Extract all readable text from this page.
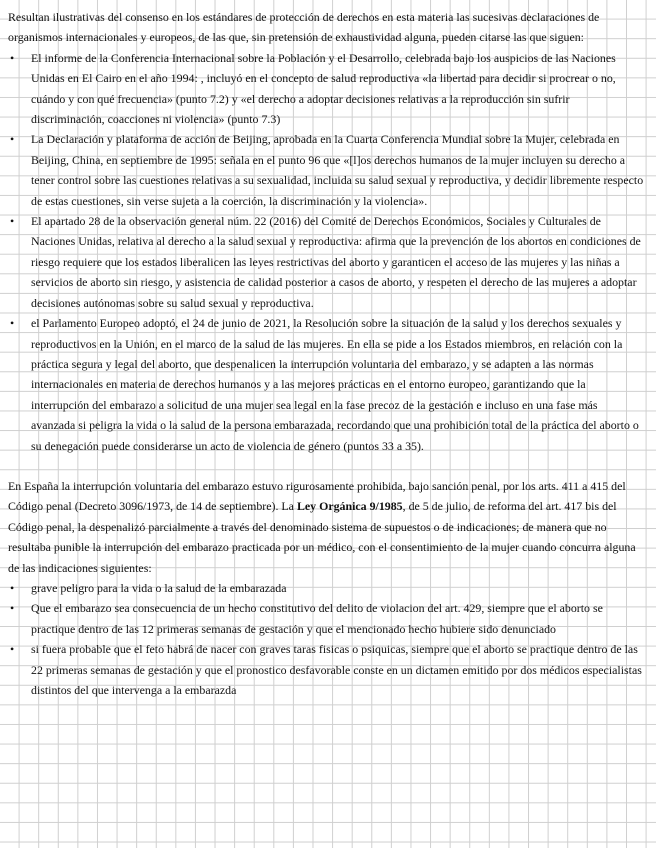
Resultan ilustrativas del consenso en los estándares de protección de derechos en esta materia las sucesivas declaraciones de organismos internacionales y europeos, de las que, sin pretensión de exhaustividad alguna, pueden citarse las que siguen:

• El informe de la Conferencia Internacional sobre la Población y el Desarrollo, celebrada bajo los auspicios de las Naciones Unidas en El Cairo en el año 1994: , incluyó en el concepto de salud reproductiva «la libertad para decidir si procrear o no, cuándo y con qué frecuencia» (punto 7.2) y «el derecho a adoptar decisiones relativas a la reproducción sin sufrir discriminación, coacciones ni violencia» (punto 7.3)
• La Declaración y plataforma de acción de Beijing, aprobada en la Cuarta Conferencia Mundial sobre la Mujer, celebrada en Beijing, China, en septiembre de 1995: señala en el punto 96 que «[l]os derechos humanos de la mujer incluyen su derecho a tener control sobre las cuestiones relativas a su sexualidad, incluida su salud sexual y reproductiva, y decidir libremente respecto de estas cuestiones, sin verse sujeta a la coerción, la discriminación y la violencia».
• El apartado 28 de la observación general núm. 22 (2016) del Comité de Derechos Económicos, Sociales y Culturales de Naciones Unidas, relativa al derecho a la salud sexual y reproductiva: afirma que la prevención de los abortos en condiciones de riesgo requiere que los estados liberalicen las leyes restrictivas del aborto y garanticen el acceso de las mujeres y las niñas a servicios de aborto sin riesgo, y asistencia de calidad posterior a casos de aborto, y respeten el derecho de las mujeres a adoptar decisiones autónomas sobre su salud sexual y reproductiva.
• el Parlamento Europeo adoptó, el 24 de junio de 2021, la Resolución sobre la situación de la salud y los derechos sexuales y reproductivos en la Unión, en el marco de la salud de las mujeres. En ella se pide a los Estados miembros, en relación con la práctica segura y legal del aborto, que despenalicen la interrupción voluntaria del embarazo, y se adapten a las normas internacionales en materia de derechos humanos y a las mejores prácticas en el entorno europeo, garantizando que la interrupción del embarazo a solicitud de una mujer sea legal en la fase precoz de la gestación e incluso en una fase más avanzada si peligra la vida o la salud de la persona embarazada, recordando que una prohibición total de la práctica del aborto o su denegación puede considerarse un acto de violencia de género (puntos 33 a 35).

En España la interrupción voluntaria del embarazo estuvo rigurosamente prohibida, bajo sanción penal, por los arts. 411 a 415 del Código penal (Decreto 3096/1973, de 14 de septiembre). La Ley Orgánica 9/1985, de 5 de julio, de reforma del art. 417 bis del Código penal, la despenalizó parcialmente a través del denominado sistema de supuestos o de indicaciones; de manera que no resultaba punible la interrupción del embarazo practicada por un médico, con el consentimiento de la mujer cuando concurra alguna de las indicaciones siguientes:

• grave peligro para la vida o la salud de la embarazada
• Que el embarazo sea consecuencia de un hecho constitutivo del delito de violacion del art. 429, siempre que el aborto se practique dentro de las 12 primeras semanas de gestación y que el mencionado hecho hubiere sido denunciado
• si fuera probable que el feto habrá de nacer con graves taras fisicas o psiquicas, siempre que el aborto se practique dentro de las 22 primeras semanas de gestación y que el pronostico desfavorable conste en un dictamen emitido por dos médicos especialistas distintos del que intervenga a la embarazda
